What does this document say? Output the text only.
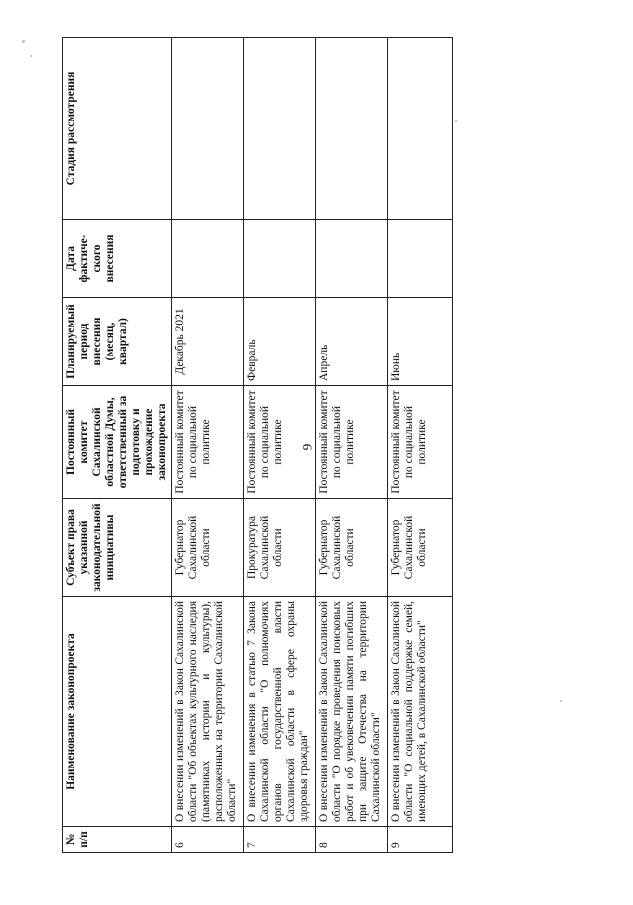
9
№ п/п	Наименование законопроекта	Субъект права указанной законодательной инициативы	Постоянный комитет Сахалинской областной Думы, ответственный за подготовку и прохождение законопроекта	Планируемый период внесения (месяц, квартал)	Дата фактиче-ского внесения	Стадия рассмотрения
6	О внесении изменений в Закон Сахалинской области "Об объектах культурного наследия (памятниках истории и культуры), расположенных на территории Сахалинской области"	Губернатор Сахалинской области	Постоянный комитет по социальной политике	Декабрь 2021		
7	О внесении изменения в статью 7 Закона Сахалинской области "О полномочиях органов государственной власти Сахалинской области в сфере охраны здоровья граждан"	Прокуратура Сахалинской области	Постоянный комитет по социальной политике	Февраль		
8	О внесении изменений в Закон Сахалинской области "О порядке проведения поисковых работ и об увековечении памяти погибших при защите Отечества на территории Сахалинской области"	Губернатор Сахалинской области	Постоянный комитет по социальной политике	Апрель		
9	О внесении изменений в Закон Сахалинской области "О социальной поддержке семей, имеющих детей, в Сахалинской области"	Губернатор Сахалинской области	Постоянный комитет по социальной политике	Июнь		
